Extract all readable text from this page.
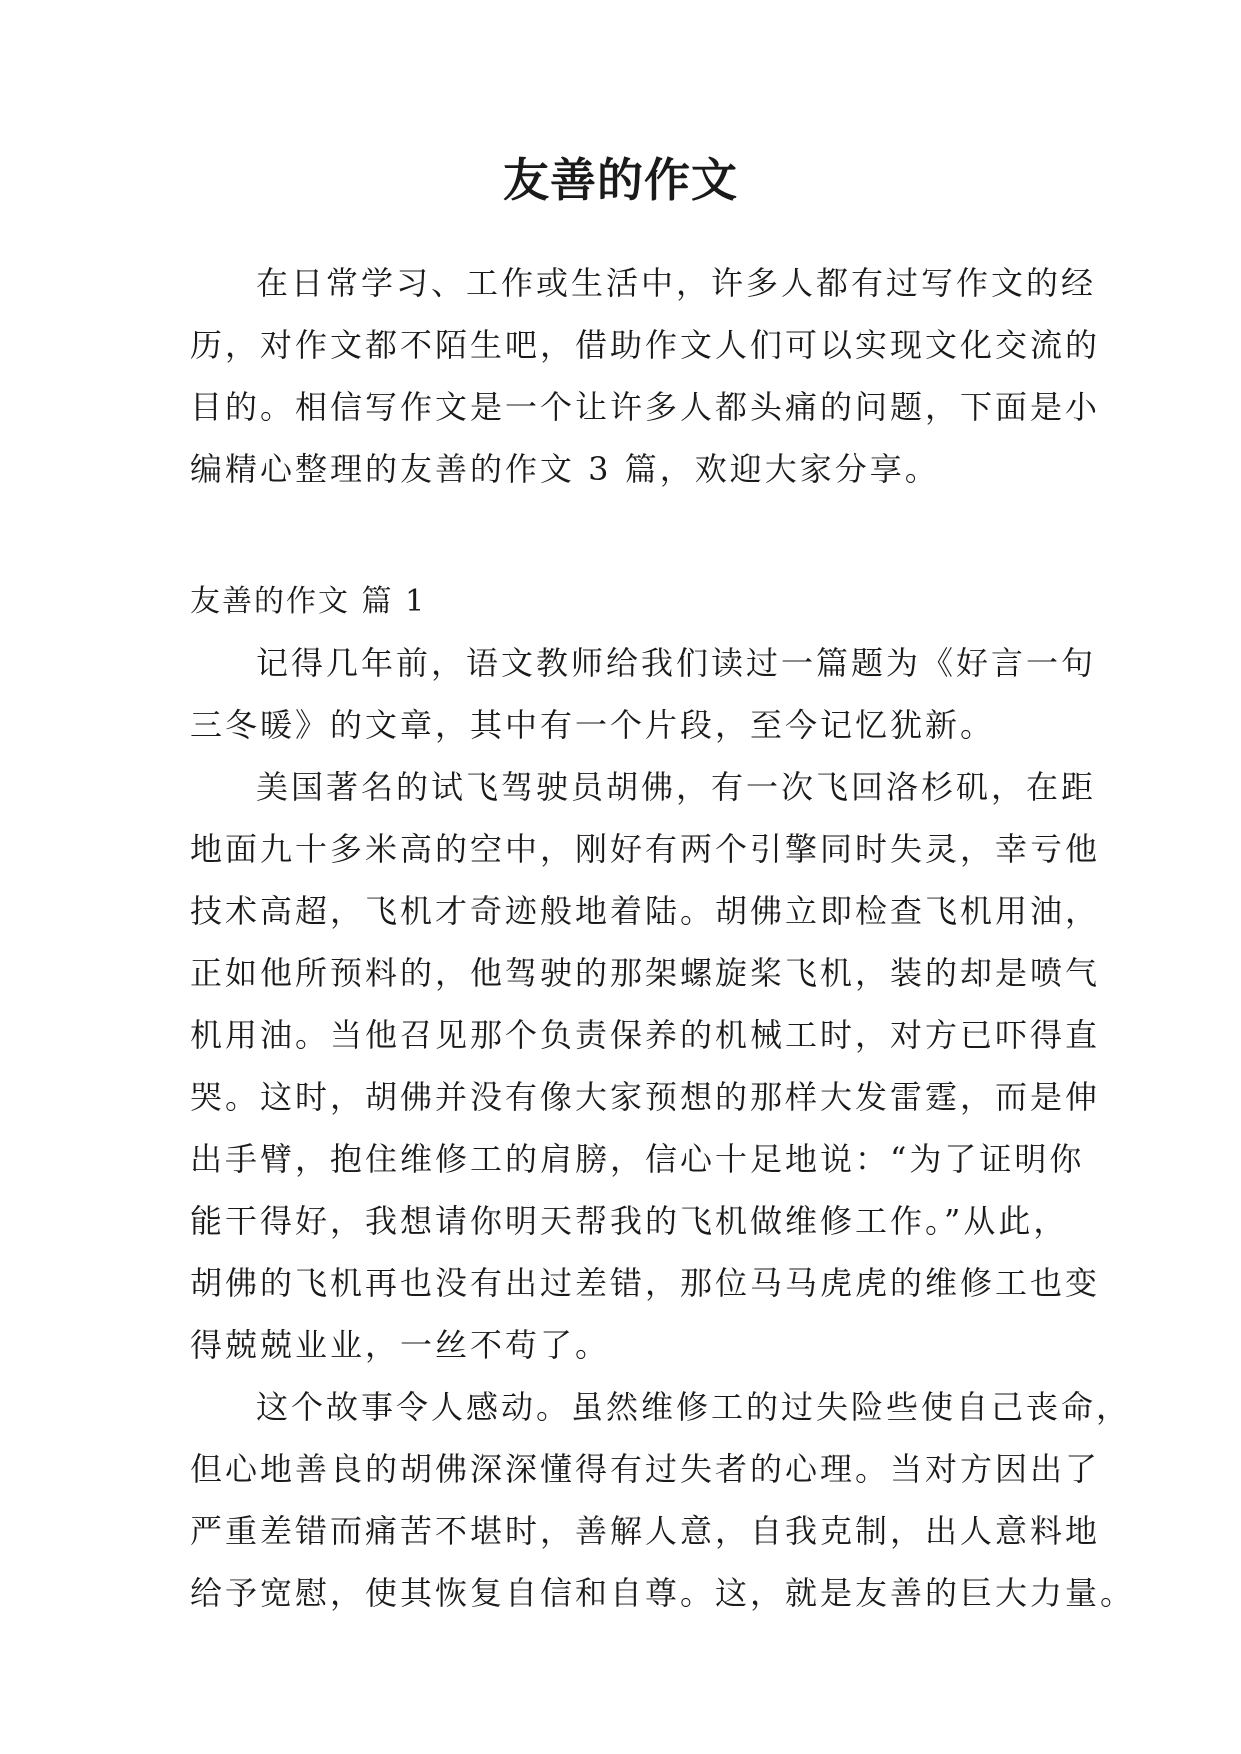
友善的作文

在日常学习、工作或生活中，许多人都有过写作文的经
历，对作文都不陌生吧，借助作文人们可以实现文化交流的
目的。相信写作文是一个让许多人都头痛的问题，下面是小
编精心整理的友善的作文 3 篇，欢迎大家分享。

友善的作文 篇 1

记得几年前，语文教师给我们读过一篇题为《好言一句
三冬暖》的文章，其中有一个片段，至今记忆犹新。

美国著名的试飞驾驶员胡佛，有一次飞回洛杉矶，在距
地面九十多米高的空中，刚好有两个引擎同时失灵，幸亏他
技术高超，飞机才奇迹般地着陆。胡佛立即检查飞机用油，
正如他所预料的，他驾驶的那架螺旋桨飞机，装的却是喷气
机用油。当他召见那个负责保养的机械工时，对方已吓得直
哭。这时，胡佛并没有像大家预想的那样大发雷霆，而是伸
出手臂，抱住维修工的肩膀，信心十足地说：“为了证明你
能干得好，我想请你明天帮我的飞机做维修工作。”从此，
胡佛的飞机再也没有出过差错，那位马马虎虎的维修工也变
得兢兢业业，一丝不苟了。

这个故事令人感动。虽然维修工的过失险些使自己丧命，
但心地善良的胡佛深深懂得有过失者的心理。当对方因出了
严重差错而痛苦不堪时，善解人意，自我克制，出人意料地
给予宽慰，使其恢复自信和自尊。这，就是友善的巨大力量。
